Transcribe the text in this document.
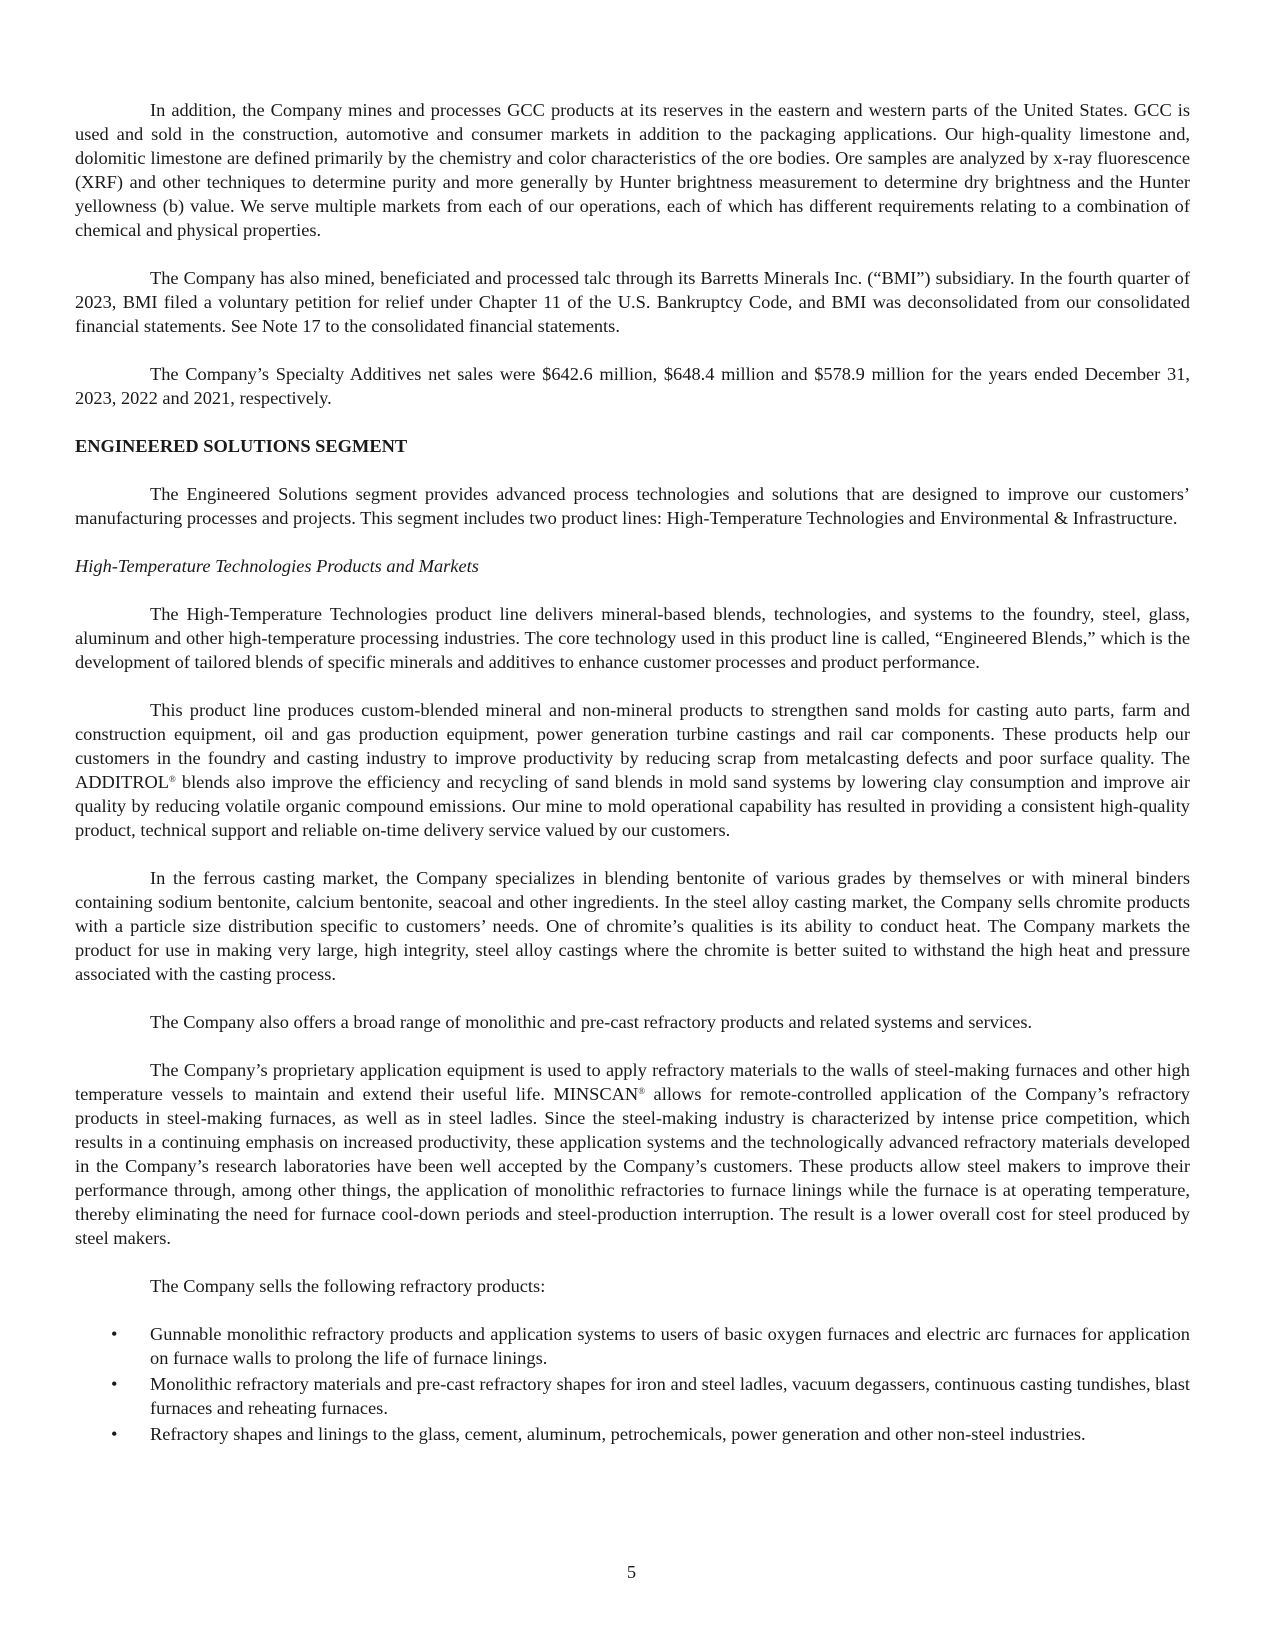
In addition, the Company mines and processes GCC products at its reserves in the eastern and western parts of the United States. GCC is used and sold in the construction, automotive and consumer markets in addition to the packaging applications. Our high-quality limestone and, dolomitic limestone are defined primarily by the chemistry and color characteristics of the ore bodies. Ore samples are analyzed by x-ray fluorescence (XRF) and other techniques to determine purity and more generally by Hunter brightness measurement to determine dry brightness and the Hunter yellowness (b) value. We serve multiple markets from each of our operations, each of which has different requirements relating to a combination of chemical and physical properties.

The Company has also mined, beneficiated and processed talc through its Barretts Minerals Inc. (“BMI”) subsidiary. In the fourth quarter of 2023, BMI filed a voluntary petition for relief under Chapter 11 of the U.S. Bankruptcy Code, and BMI was deconsolidated from our consolidated financial statements. See Note 17 to the consolidated financial statements.

The Company’s Specialty Additives net sales were $642.6 million, $648.4 million and $578.9 million for the years ended December 31, 2023, 2022 and 2021, respectively.

ENGINEERED SOLUTIONS SEGMENT

The Engineered Solutions segment provides advanced process technologies and solutions that are designed to improve our customers’ manufacturing processes and projects. This segment includes two product lines: High-Temperature Technologies and Environmental & Infrastructure.

High-Temperature Technologies Products and Markets

The High-Temperature Technologies product line delivers mineral-based blends, technologies, and systems to the foundry, steel, glass, aluminum and other high-temperature processing industries. The core technology used in this product line is called, “Engineered Blends,” which is the development of tailored blends of specific minerals and additives to enhance customer processes and product performance.

This product line produces custom-blended mineral and non-mineral products to strengthen sand molds for casting auto parts, farm and construction equipment, oil and gas production equipment, power generation turbine castings and rail car components. These products help our customers in the foundry and casting industry to improve productivity by reducing scrap from metalcasting defects and poor surface quality. The ADDITROL® blends also improve the efficiency and recycling of sand blends in mold sand systems by lowering clay consumption and improve air quality by reducing volatile organic compound emissions. Our mine to mold operational capability has resulted in providing a consistent high-quality product, technical support and reliable on-time delivery service valued by our customers.

In the ferrous casting market, the Company specializes in blending bentonite of various grades by themselves or with mineral binders containing sodium bentonite, calcium bentonite, seacoal and other ingredients. In the steel alloy casting market, the Company sells chromite products with a particle size distribution specific to customers’ needs. One of chromite’s qualities is its ability to conduct heat. The Company markets the product for use in making very large, high integrity, steel alloy castings where the chromite is better suited to withstand the high heat and pressure associated with the casting process.

The Company also offers a broad range of monolithic and pre-cast refractory products and related systems and services.

The Company’s proprietary application equipment is used to apply refractory materials to the walls of steel-making furnaces and other high temperature vessels to maintain and extend their useful life. MINSCAN® allows for remote-controlled application of the Company’s refractory products in steel-making furnaces, as well as in steel ladles. Since the steel-making industry is characterized by intense price competition, which results in a continuing emphasis on increased productivity, these application systems and the technologically advanced refractory materials developed in the Company’s research laboratories have been well accepted by the Company’s customers. These products allow steel makers to improve their performance through, among other things, the application of monolithic refractories to furnace linings while the furnace is at operating temperature, thereby eliminating the need for furnace cool-down periods and steel-production interruption. The result is a lower overall cost for steel produced by steel makers.

The Company sells the following refractory products:

• Gunnable monolithic refractory products and application systems to users of basic oxygen furnaces and electric arc furnaces for application on furnace walls to prolong the life of furnace linings.
• Monolithic refractory materials and pre-cast refractory shapes for iron and steel ladles, vacuum degassers, continuous casting tundishes, blast furnaces and reheating furnaces.
• Refractory shapes and linings to the glass, cement, aluminum, petrochemicals, power generation and other non-steel industries.
5
